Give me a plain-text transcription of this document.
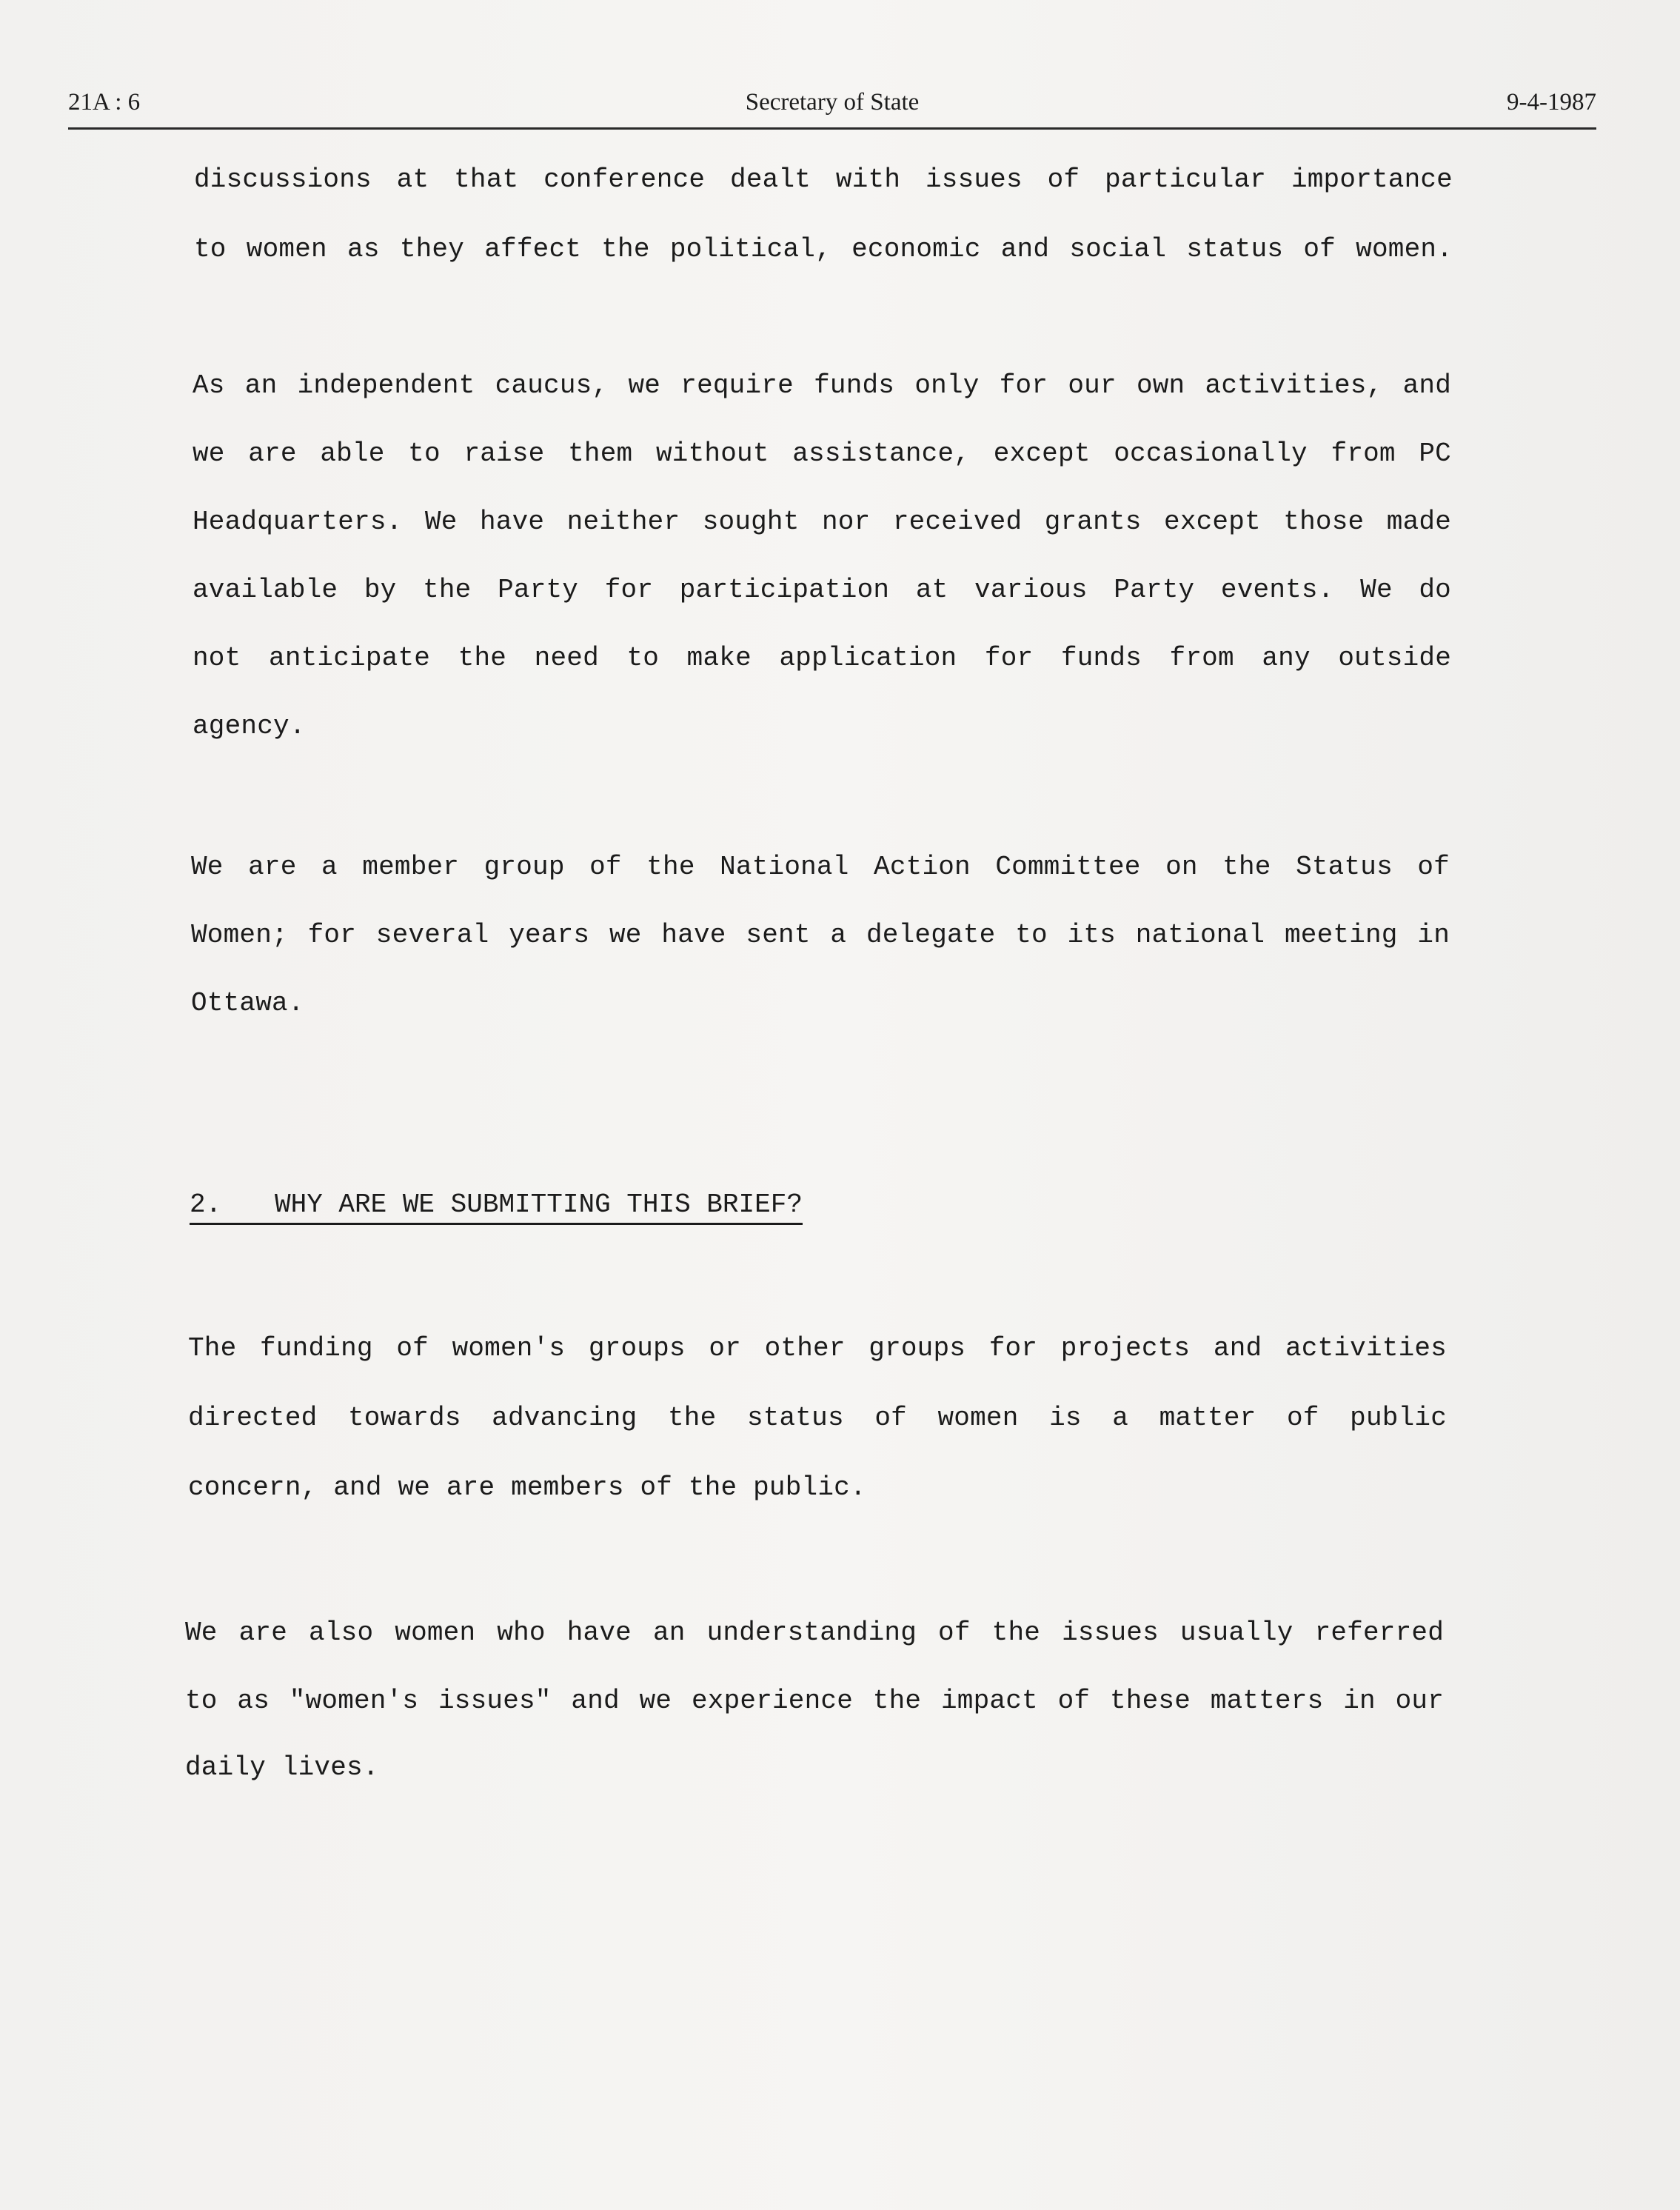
21A : 6	Secretary of State	9-4-1987
discussions at that conference dealt with issues of particular importance
to women as they affect the political, economic and social status of women.
As an independent caucus, we require funds only for our own activities, and
we are able to raise them without assistance, except occasionally from PC
Headquarters. We have neither sought nor received grants except those made
available by the Party for participation at various Party events. We do
not anticipate the need to make application for funds from any outside
agency.
We are a member group of the National Action Committee on the Status of
Women; for several years we have sent a delegate to its national meeting in
Ottawa.
2. WHY ARE WE SUBMITTING THIS BRIEF?
The funding of women's groups or other groups for projects and activities
directed towards advancing the status of women is a matter of public
concern, and we are members of the public.
We are also women who have an understanding of the issues usually referred
to as "women's issues" and we experience the impact of these matters in our
daily lives.
